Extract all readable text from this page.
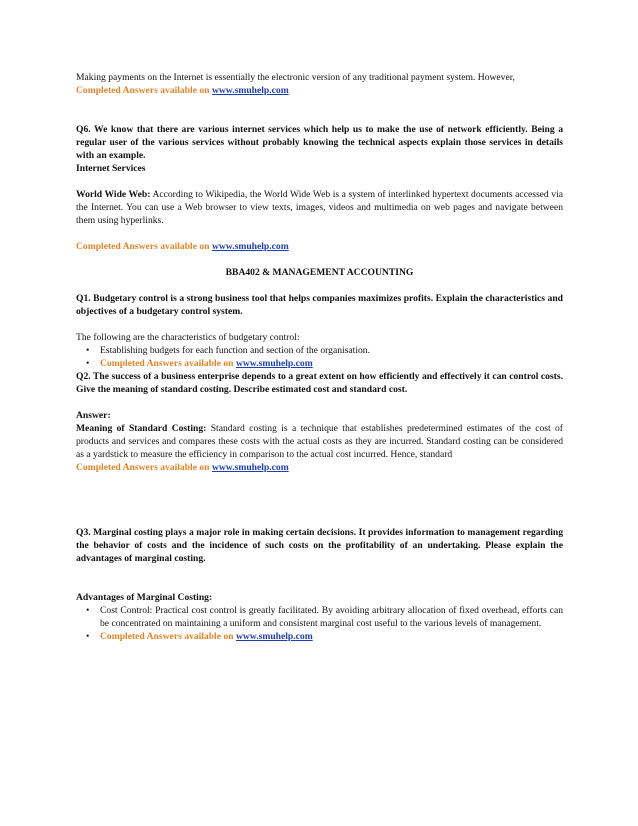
Making payments on the Internet is essentially the electronic version of any traditional payment system. However,
Completed Answers available on www.smuhelp.com

Q6. We know that there are various internet services which help us to make the use of network efficiently. Being a regular user of the various services without probably knowing the technical aspects explain those services in details with an example.

Internet Services

World Wide Web: According to Wikipedia, the World Wide Web is a system of interlinked hypertext documents accessed via the Internet. You can use a Web browser to view texts, images, videos and multimedia on web pages and navigate between them using hyperlinks.

Completed Answers available on www.smuhelp.com

BBA402 & MANAGEMENT ACCOUNTING

Q1. Budgetary control is a strong business tool that helps companies maximizes profits. Explain the characteristics and objectives of a budgetary control system.

The following are the characteristics of budgetary control:

• Establishing budgets for each function and section of the organisation.
• Completed Answers available on www.smuhelp.com

Q2. The success of a business enterprise depends to a great extent on how efficiently and effectively it can control costs. Give the meaning of standard costing. Describe estimated cost and standard cost.

Answer:

Meaning of Standard Costing: Standard costing is a technique that establishes predetermined estimates of the cost of products and services and compares these costs with the actual costs as they are incurred. Standard costing can be considered as a yardstick to measure the efficiency in comparison to the actual cost incurred. Hence, standard
Completed Answers available on www.smuhelp.com

Q3. Marginal costing plays a major role in making certain decisions. It provides information to management regarding the behavior of costs and the incidence of such costs on the profitability of an undertaking. Please explain the advantages of marginal costing.

Advantages of Marginal Costing:

• Cost Control: Practical cost control is greatly facilitated. By avoiding arbitrary allocation of fixed overhead, efforts can be concentrated on maintaining a uniform and consistent marginal cost useful to the various levels of management.
• Completed Answers available on www.smuhelp.com
